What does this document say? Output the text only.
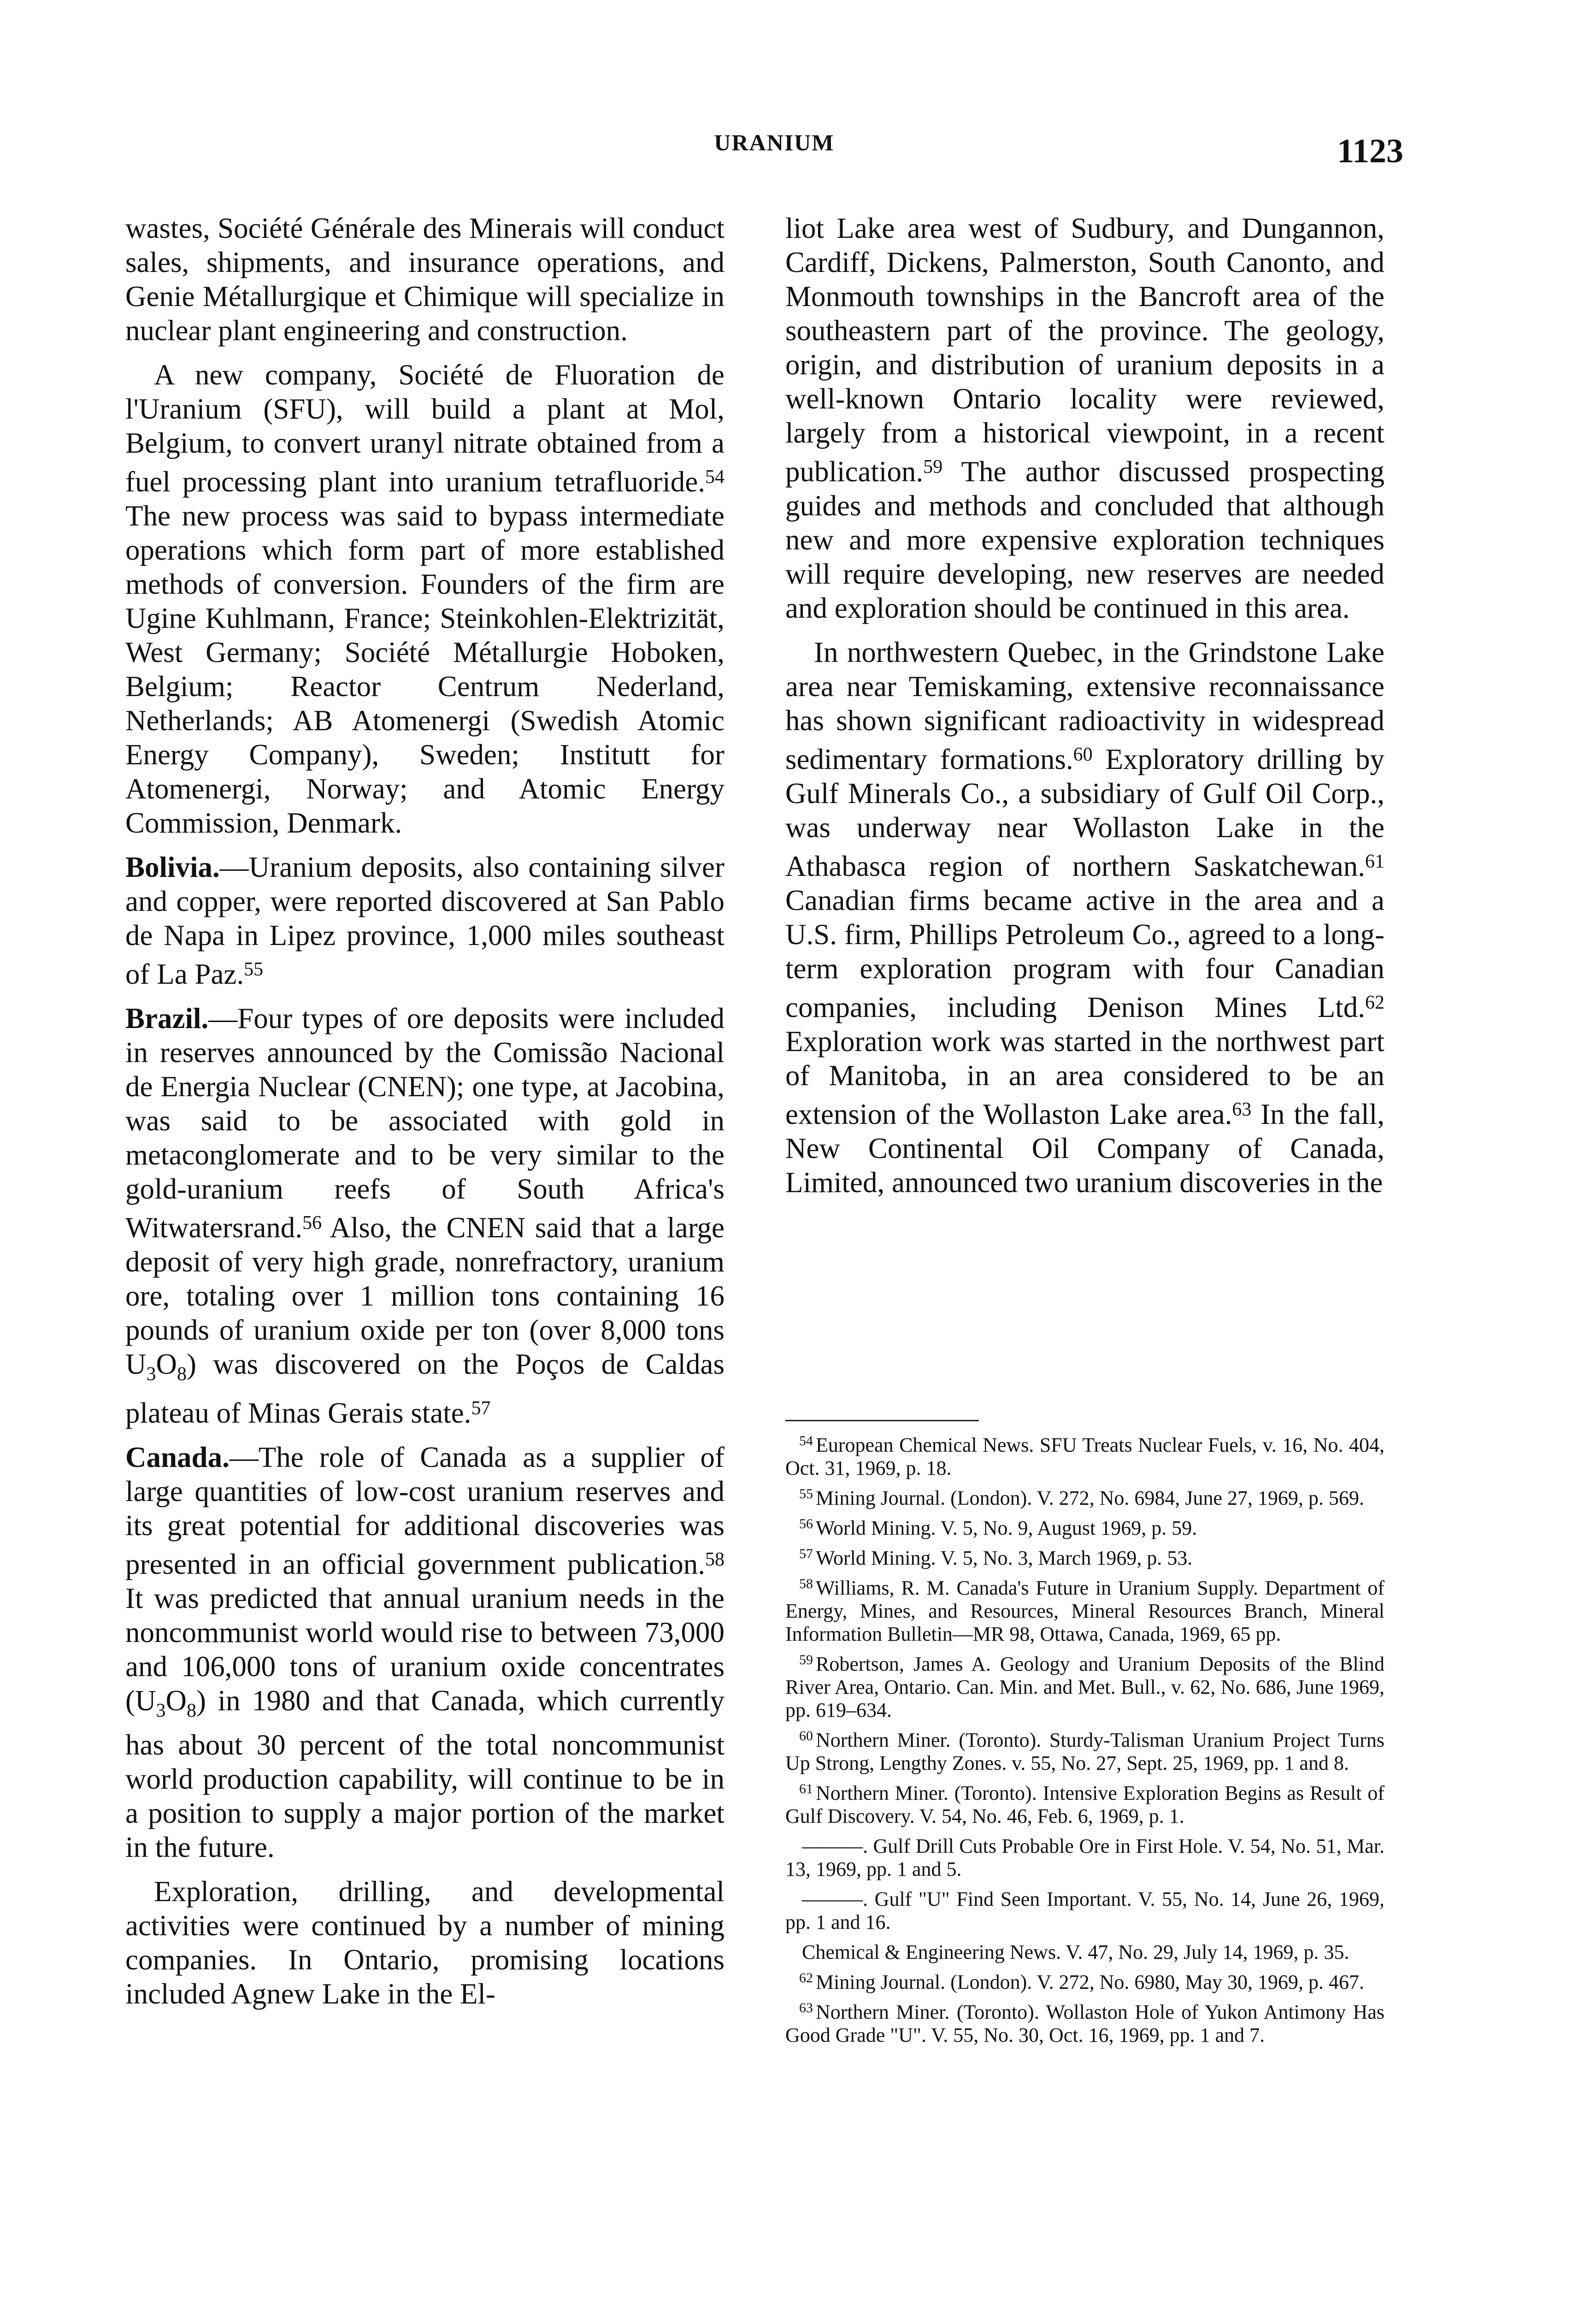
URANIUM	1123

wastes, Société Générale des Minerais will conduct sales, shipments, and insurance operations, and Genie Métallurgique et Chimique will specialize in nuclear plant engineering and construction.

A new company, Société de Fluoration de l'Uranium (SFU), will build a plant at Mol, Belgium, to convert uranyl nitrate obtained from a fuel processing plant into uranium tetrafluoride.$^{54}$ The new process was said to bypass intermediate operations which form part of more established methods of conversion. Founders of the firm are Ugine Kuhlmann, France; Steinkohlen-Elektrizität, West Germany; Société Métallurgie Hoboken, Belgium; Reactor Centrum Nederland, Netherlands; AB Atomenergi (Swedish Atomic Energy Company), Sweden; Institutt for Atomenergi, Norway; and Atomic Energy Commission, Denmark.

Bolivia.—Uranium deposits, also containing silver and copper, were reported discovered at San Pablo de Napa in Lipez province, 1,000 miles southeast of La Paz.$^{55}$

Brazil.—Four types of ore deposits were included in reserves announced by the Comissão Nacional de Energia Nuclear (CNEN); one type, at Jacobina, was said to be associated with gold in metaconglomerate and to be very similar to the gold-uranium reefs of South Africa's Witwatersrand.$^{56}$ Also, the CNEN said that a large deposit of very high grade, nonrefractory, uranium ore, totaling over 1 million tons containing 16 pounds of uranium oxide per ton (over 8,000 tons $U_3O_8$) was discovered on the Poços de Caldas plateau of Minas Gerais state.$^{57}$

Canada.—The role of Canada as a supplier of large quantities of low-cost uranium reserves and its great potential for additional discoveries was presented in an official government publication.$^{58}$ It was predicted that annual uranium needs in the noncommunist world would rise to between 73,000 and 106,000 tons of uranium oxide concentrates $(U_3O_8)$ in 1980 and that Canada, which currently has about 30 percent of the total noncommunist world production capability, will continue to be in a position to supply a major portion of the market in the future.

Exploration, drilling, and developmental activities were continued by a number of mining companies. In Ontario, promising locations included Agnew Lake in the El-

liot Lake area west of Sudbury, and Dungannon, Cardiff, Dickens, Palmerston, South Canonto, and Monmouth townships in the Bancroft area of the southeastern part of the province. The geology, origin, and distribution of uranium deposits in a well-known Ontario locality were reviewed, largely from a historical viewpoint, in a recent publication.$^{59}$ The author discussed prospecting guides and methods and concluded that although new and more expensive exploration techniques will require developing, new reserves are needed and exploration should be continued in this area.

In northwestern Quebec, in the Grindstone Lake area near Temiskaming, extensive reconnaissance has shown significant radioactivity in widespread sedimentary formations.$^{60}$ Exploratory drilling by Gulf Minerals Co., a subsidiary of Gulf Oil Corp., was underway near Wollaston Lake in the Athabasca region of northern Saskatchewan.$^{61}$ Canadian firms became active in the area and a U.S. firm, Phillips Petroleum Co., agreed to a long-term exploration program with four Canadian companies, including Denison Mines Ltd.$^{62}$ Exploration work was started in the northwest part of Manitoba, in an area considered to be an extension of the Wollaston Lake area.$^{63}$ In the fall, New Continental Oil Company of Canada, Limited, announced two uranium discoveries in the

$^{54}$ European Chemical News. SFU Treats Nuclear Fuels, v. 16, No. 404, Oct. 31, 1969, p. 18.
$^{55}$ Mining Journal. (London). V. 272, No. 6984, June 27, 1969, p. 569.
$^{56}$ World Mining. V. 5, No. 9, August 1969, p. 59.
$^{57}$ World Mining. V. 5, No. 3, March 1969, p. 53.
$^{58}$ Williams, R. M. Canada's Future in Uranium Supply. Department of Energy, Mines, and Resources, Mineral Resources Branch, Mineral Information Bulletin—MR 98, Ottawa, Canada, 1969, 65 pp.
$^{59}$ Robertson, James A. Geology and Uranium Deposits of the Blind River Area, Ontario. Can. Min. and Met. Bull., v. 62, No. 686, June 1969, pp. 619–634.
$^{60}$ Northern Miner. (Toronto). Sturdy-Talisman Uranium Project Turns Up Strong, Lengthy Zones. v. 55, No. 27, Sept. 25, 1969, pp. 1 and 8.
$^{61}$ Northern Miner. (Toronto). Intensive Exploration Begins as Result of Gulf Discovery. V. 54, No. 46, Feb. 6, 1969, p. 1.
———. Gulf Drill Cuts Probable Ore in First Hole. V. 54, No. 51, Mar. 13, 1969, pp. 1 and 5.
———. Gulf "U" Find Seen Important. V. 55, No. 14, June 26, 1969, pp. 1 and 16.
Chemical & Engineering News. V. 47, No. 29, July 14, 1969, p. 35.
$^{62}$ Mining Journal. (London). V. 272, No. 6980, May 30, 1969, p. 467.
$^{63}$ Northern Miner. (Toronto). Wollaston Hole of Yukon Antimony Has Good Grade "U". V. 55, No. 30, Oct. 16, 1969, pp. 1 and 7.
